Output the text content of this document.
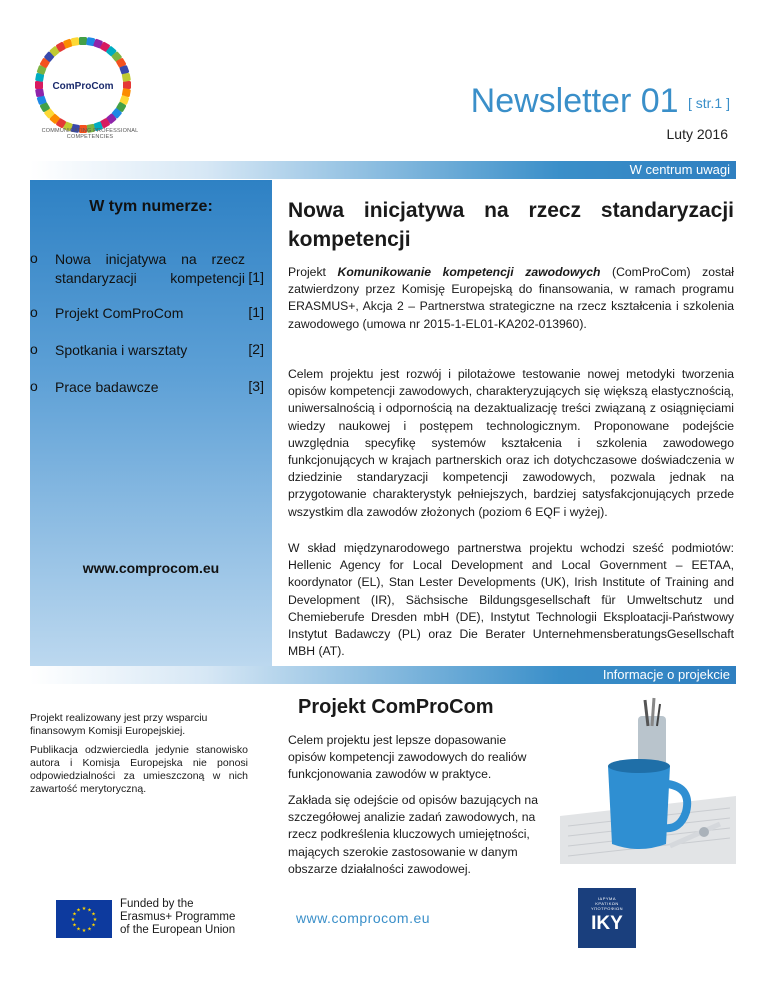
ComProCom
COMMUNICATING PROFESSIONAL COMPETENCIES
Newsletter 01 [ str.1 ]
Luty 2016
W centrum uwagi
W tym numerze:
o Nowa inicjatywa na rzecz standaryzacji kompetencji [1]
o Projekt ComProCom	[1]
o Spotkania i warsztaty	[2]
o Prace badawcze	[3]
www.comprocom.eu
Nowa inicjatywa na rzecz standaryzacji kompetencji
Projekt Komunikowanie kompetencji zawodowych (ComProCom) został zatwierdzony przez Komisję Europejską do finansowania, w ramach programu ERASMUS+, Akcja 2 – Partnerstwa strategiczne na rzecz kształcenia i szkolenia zawodowego (umowa nr 2015-1-EL01-KA202-013960).
Celem projektu jest rozwój i pilotażowe testowanie nowej metodyki tworzenia opisów kompetencji zawodowych, charakteryzujących się większą elastycznością, uniwersalnością i odpornością na dezaktualizację treści związaną z osiągnięciami wiedzy naukowej i postępem technologicznym. Proponowane podejście uwzględnia specyfikę systemów kształcenia i szkolenia zawodowego funkcjonujących w krajach partnerskich oraz ich dotychczasowe doświadczenia w dziedzinie standaryzacji kompetencji zawodowych, pozwala jednak na przygotowanie charakterystyk pełniejszych, bardziej satysfakcjonujących przede wszystkim dla zawodów złożonych (poziom 6 EQF i wyżej).
W skład międzynarodowego partnerstwa projektu wchodzi sześć podmiotów: Hellenic Agency for Local Development and Local Government – EETAA, koordynator (EL), Stan Lester Developments (UK), Irish Institute of Training and Development (IR), Sächsische Bildungsgesellschaft für Umweltschutz und Chemieberufe Dresden mbH (DE), Instytut Technologii Eksploatacji-Państwowy Instytut Badawczy (PL) oraz Die Berater UnternehmensberatungsGesellschaft MBH (AT).
Informacje o projekcie
Projekt realizowany jest przy wsparciu finansowym Komisji Europejskiej.
Publikacja odzwierciedla jedynie stanowisko autora i Komisja Europejska nie ponosi odpowiedzialności za umieszczoną w nich zawartość merytoryczną.
Projekt ComProCom
Celem projektu jest lepsze dopasowanie opisów kompetencji zawodowych do realiów funkcjonowania zawodów w praktyce.
Zakłada się odejście od opisów bazujących na szczegółowej analizie zadań zawodowych, na rzecz podkreślenia kluczowych umiejętności, mających szerokie zastosowanie w danym obszarze działalności zawodowej.
★
★
★
★
★
★
★
★
★ ★ ★
★
Funded by the
Erasmus+ Programme
of the European Union
www.comprocom.eu
ΙΔΡΥΜΑ
ΚΡΑΤΙΚΩΝ
ΥΠΟΤΡΟΦΙΩΝ
IKY
